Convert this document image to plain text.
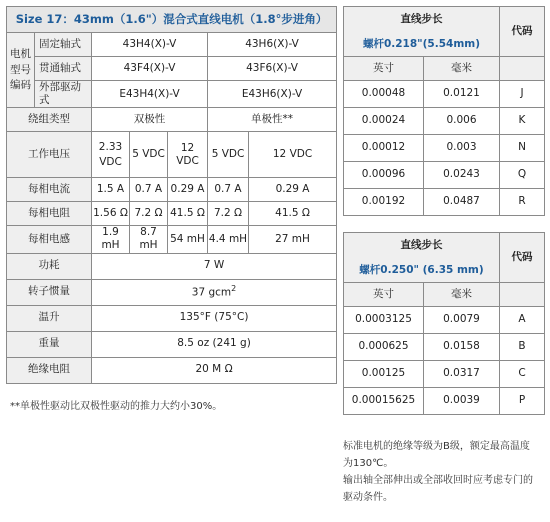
Size 17：43mm（1.6"）混合式直线电机（1.8°步进角）						
电机
型号
编码	固定轴式	43H4(X)-V			43H6(X)-V	
	贯通轴式	43F4(X)-V			43F6(X)-V	
	外部驱动式	E43H4(X)-V			E43H6(X)-V	
绕组类型		双极性			单极性**	
工作电压		2.33 VDC	5 VDC	12 VDC	5 VDC	12 VDC
每相电流		1.5 A	0.7 A	0.29 A	0.7 A	0.29 A
每相电阻		1.56 Ω	7.2 Ω	41.5 Ω	7.2 Ω	41.5 Ω
每相电感		1.9 mH	8.7 mH	54 mH	4.4 mH	27 mH
功耗		7 W				
转子惯量		37 gcm$^2$
温升		135°F (75°C)				
重量		8.5 oz (241 g)				
绝缘电阻		20 M Ω				

**单极性驱动比双极性驱动的推力大约小30%。

直线步长		代码
螺杆0.218"(5.54mm)		
英寸	毫米	
0.00048	0.0121	J
0.00024	0.006	K
0.00012	0.003	N
0.00096	0.0243	Q
0.00192	0.0487	R
直线步长		代码
螺杆0.250" (6.35 mm)		
英寸	毫米	
0.0003125	0.0079	A
0.000625	0.0158	B
0.00125	0.0317	C
0.00015625	0.0039	P
标准电机的绝缘等级为B级，额定最高温度
为130℃。
输出轴全部伸出或全部收回时应考虑专门的
驱动条件。
